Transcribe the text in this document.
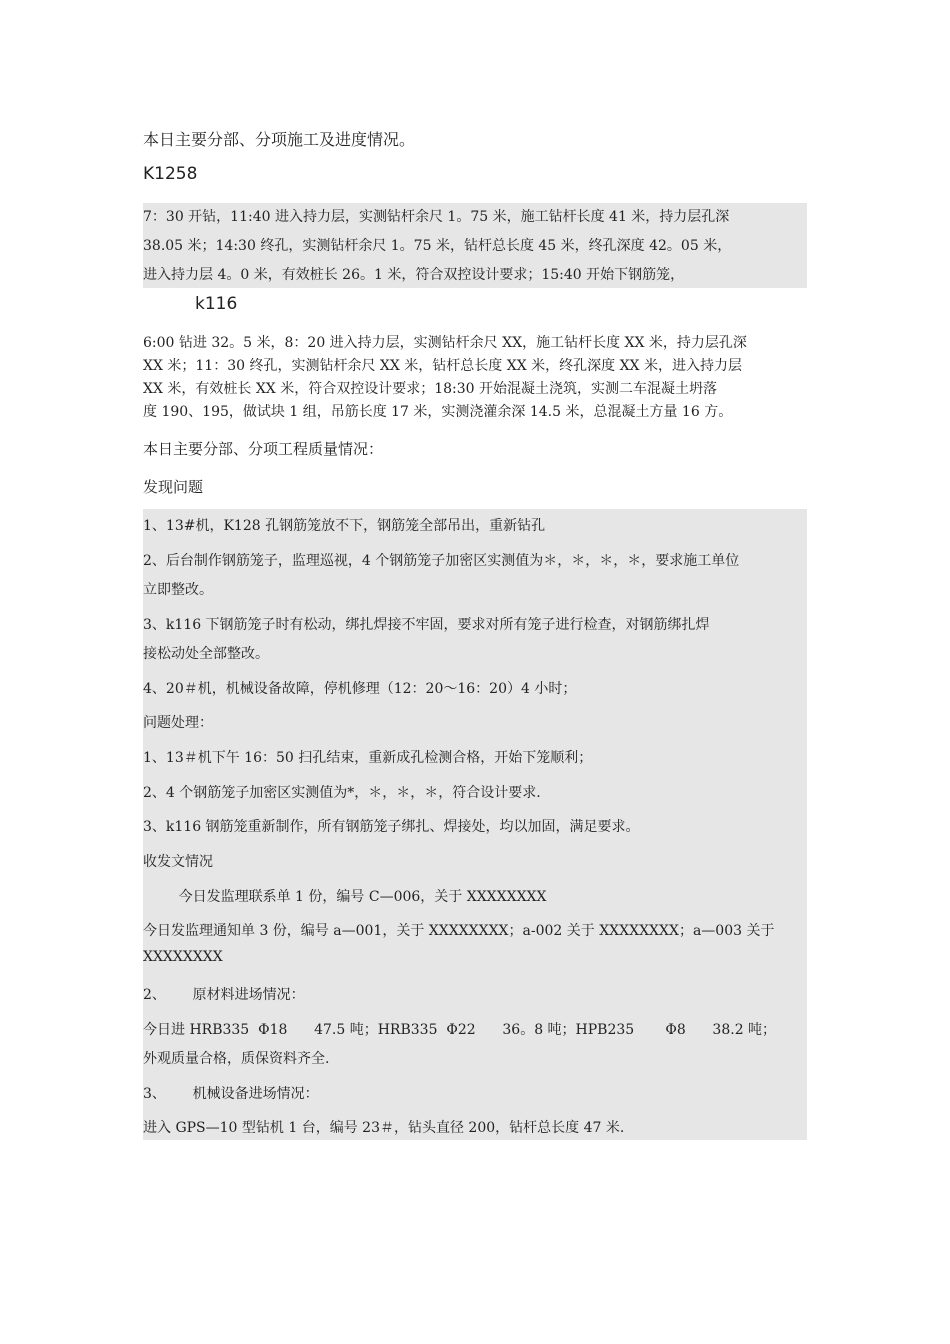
本日主要分部、分项施工及进度情况。
K1258
7：30 开钻，11:40 进入持力层，实测钻杆余尺 1。75 米，施工钻杆长度 41 米，持力层孔深
38.05 米；14:30 终孔，实测钻杆余尺 1。75 米，钻杆总长度 45 米，终孔深度 42。05 米，
进入持力层 4。0 米，有效桩长 26。1 米，符合双控设计要求；15:40 开始下钢筋笼，
k116
6:00 钻进 32。5 米，8：20 进入持力层，实测钻杆余尺 XX，施工钻杆长度 XX 米，持力层孔深
XX 米；11：30 终孔，实测钻杆余尺 XX 米，钻杆总长度 XX 米，终孔深度 XX 米，进入持力层
XX 米，有效桩长 XX 米，符合双控设计要求；18:30 开始混凝土浇筑，实测二车混凝土坍落
度 190、195，做试块 1 组，吊筋长度 17 米，实测浇灌余深 14.5 米，总混凝土方量 16 方。
本日主要分部、分项工程质量情况：
发现问题
1、13#机，K128 孔钢筋笼放不下，钢筋笼全部吊出，重新钻孔
2、后台制作钢筋笼子，监理巡视，4 个钢筋笼子加密区实测值为＊，＊，＊，＊，要求施工单位
立即整改。
3、k116 下钢筋笼子时有松动，绑扎焊接不牢固，要求对所有笼子进行检查，对钢筋绑扎焊
接松动处全部整改。
4、20＃机，机械设备故障，停机修理（12：20～16：20）4 小时；
问题处理：
1、13＃机下午 16：50 扫孔结束，重新成孔检测合格，开始下笼顺利；
2、4 个钢筋笼子加密区实测值为*，＊，＊，＊，符合设计要求.
3、k116 钢筋笼重新制作，所有钢筋笼子绑扎、焊接处，均以加固，满足要求。
收发文情况
今日发监理联系单 1 份，编号 C—006，关于 XXXXXXXX
今日发监理通知单 3 份，编号 a—001，关于 XXXXXXXX；a-002 关于 XXXXXXXX；a—003 关于
XXXXXXXX
2、      原材料进场情况：
今日进 HRB335  Φ18      47.5 吨；HRB335  Φ22      36。8 吨；HPB235       Φ8      38.2 吨；
外观质量合格，质保资料齐全.
3、      机械设备进场情况：
进入 GPS—10 型钻机 1 台，编号 23＃，钻头直径 200，钻杆总长度 47 米.
